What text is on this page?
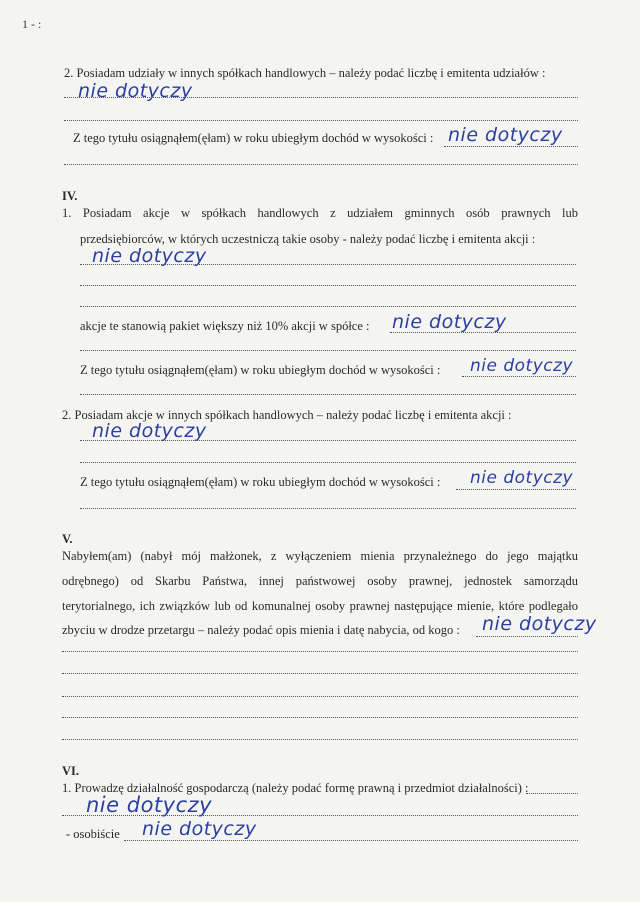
1 - :
2. Posiadam udziały w innych spółkach handlowych – należy podać liczbę i emitenta udziałów :
nie dotyczy
Z tego tytułu osiągnąłem(ęłam) w roku ubiegłym dochód w wysokości : nie dotyczy
IV.
1. Posiadam akcje w spółkach handlowych z udziałem gminnych osób prawnych lub
przedsiębiorców, w których uczestniczą takie osoby - należy podać liczbę i emitenta akcji :
nie dotyczy
akcje te stanowią pakiet większy niż 10% akcji w spółce : nie dotyczy
Z tego tytułu osiągnąłem(ęłam) w roku ubiegłym dochód w wysokości : nie dotyczy
2. Posiadam akcje w innych spółkach handlowych – należy podać liczbę i emitenta akcji :
nie dotyczy
Z tego tytułu osiągnąłem(ęłam) w roku ubiegłym dochód w wysokości : nie dotyczy
V.
Nabyłem(am) (nabył mój małżonek, z wyłączeniem mienia przynależnego do jego majątku
odrębnego) od Skarbu Państwa, innej państwowej osoby prawnej, jednostek samorządu
terytorialnego, ich związków lub od komunalnej osoby prawnej następujące mienie, które podlegało
zbyciu w drodze przetargu – należy podać opis mienia i datę nabycia, od kogo : nie dotyczy
VI.
1. Prowadzę działalność gospodarczą (należy podać formę prawną i przedmiot działalności) :
nie dotyczy
- osobiście nie dotyczy
